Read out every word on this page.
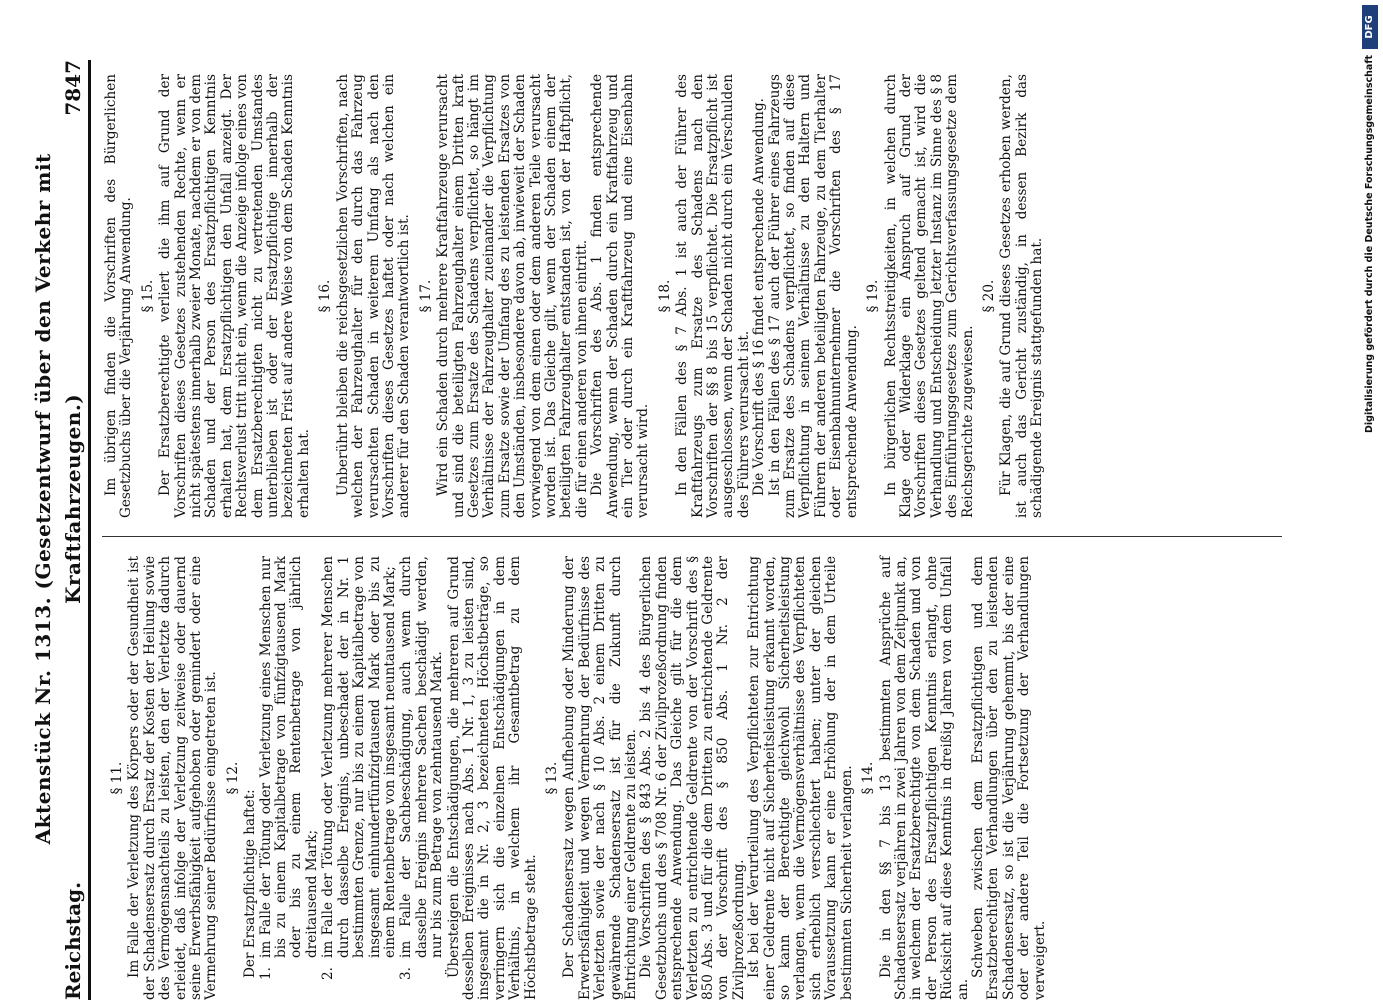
Reichstag.
Aktenstück Nr. 1313. (Gesetzentwurf über den Verkehr mit Kraftfahrzeugen.)
7847
§ 11. Im Falle der Verletzung des Körpers oder der Gesundheit ist der Schadensersatz durch Ersatz der Kosten der Heilung sowie des Vermögensnachteils zu leisten, den der Verletzte dadurch erleidet, daß infolge der Verletzung zeitweise oder dauernd seine Erwerbsfähigkeit aufgehoben oder gemindert oder eine Vermehrung seiner Bedürfnisse eingetreten ist. § 12.

Der Ersatzpflichtige haftet: 1.
im Falle der Tötung oder Verletzung eines Menschen nur bis zu einem Kapitalbetrage von fünfzigtausend Mark oder bis zu einem Rentenbetrage von jährlich dreitausend Mark;
2.
im Falle der Tötung oder Verletzung mehrerer Menschen durch dasselbe Ereignis, unbeschadet der in Nr. 1 bestimmten Grenze, nur bis zu einem Kapitalbetrage von insgesamt einhundertfünfzigtausend Mark oder bis zu einem Rentenbetrage von insgesamt neuntausend Mark;
3.
im Falle der Sachbeschädigung, auch wenn durch dasselbe Ereignis mehrere Sachen beschädigt werden, nur bis zum Betrage von zehntausend Mark. Übersteigen die Entschädigungen, die mehreren auf Grund desselben Ereignisses nach Abs. 1 Nr. 1, 3 zu leisten sind, insgesamt die in Nr. 2, 3 bezeichneten Höchstbeträge, so verringern sich die einzelnen Entschädigungen in dem Verhältnis, in welchem ihr Gesamtbetrag zu dem Höchstbetrage steht.

§ 13. Der Schadensersatz wegen Aufhebung oder Minderung der Erwerbsfähigkeit und wegen Vermehrung der Bedürfnisse des Verletzten sowie der nach § 10 Abs. 2 einem Dritten zu gewährende Schadensersatz ist für die Zukunft durch Entrichtung einer Geldrente zu leisten. Die Vorschriften des § 843 Abs. 2 bis 4 des Bürgerlichen Gesetzbuchs und des § 708 Nr. 6 der Zivilprozeßordnung finden entsprechende Anwendung. Das Gleiche gilt für die dem Verletzten zu entrichtende Geldrente von der Vorschrift des § 850 Abs. 3 und für die dem Dritten zu entrichtende Geldrente von der Vorschrift des § 850 Abs. 1 Nr. 2 der Zivilprozeßordnung. Ist bei der Verurteilung des Verpflichteten zur Entrichtung einer Geldrente nicht auf Sicherheitsleistung erkannt worden, so kann der Berechtigte gleichwohl Sicherheitsleistung verlangen, wenn die Vermögensverhältnisse des Verpflichteten sich erheblich verschlechtert haben; unter der gleichen Voraussetzung kann er eine Erhöhung der in dem Urteile bestimmten Sicherheit verlangen. § 14. Die in den §§ 7 bis 13 bestimmten Ansprüche auf Schadensersatz verjähren in zwei Jahren von dem Zeitpunkt an, in welchem der Ersatzberechtigte von dem Schaden und von der Person des Ersatzpflichtigen Kenntnis erlangt, ohne Rücksicht auf diese Kenntnis in dreißig Jahren von dem Unfall an.

Schweben zwischen dem Ersatzpflichtigen und dem Ersatzberechtigten Verhandlungen über den zu leistenden Schadensersatz, so ist die Verjährung gehemmt, bis der eine oder der andere Teil die Fortsetzung der Verhandlungen verweigert.

Im übrigen finden die Vorschriften des Bürgerlichen Gesetzbuchs über die Verjährung Anwendung. § 15. Der Ersatzberechtigte verliert die ihm auf Grund der Vorschriften dieses Gesetzes zustehenden Rechte, wenn er nicht spätestens innerhalb zweier Monate, nachdem er von dem Schaden und der Person des Ersatzpflichtigen Kenntnis erhalten hat, dem Ersatzpflichtigen den Unfall anzeigt. Der Rechtsverlust tritt nicht ein, wenn die Anzeige infolge eines von dem Ersatzberechtigten nicht zu vertretenden Umstandes unterblieben ist oder der Ersatzpflichtige innerhalb der bezeichneten Frist auf andere Weise von dem Schaden Kenntnis erhalten hat.

§ 16. Unberührt bleiben die reichsgesetzlichen Vorschriften, nach welchen der Fahrzeughalter für den durch das Fahrzeug verursachten Schaden in weiterem Umfang als nach den Vorschriften dieses Gesetzes haftet oder nach welchen ein anderer für den Schaden verantwortlich ist. § 17. Wird ein Schaden durch mehrere Kraftfahrzeuge verursacht und sind die beteiligten Fahrzeughalter einem Dritten kraft Gesetzes zum Ersatze des Schadens verpflichtet, so hängt im Verhältnisse der Fahrzeughalter zueinander die Verpflichtung zum Ersatze sowie der Umfang des zu leistenden Ersatzes von den Umständen, insbesondere davon ab, inwieweit der Schaden vorwiegend von dem einen oder dem anderen Teile verursacht worden ist. Das Gleiche gilt, wenn der Schaden einem der beteiligten Fahrzeughalter entstanden ist, von der Haftpflicht, die für einen anderen von ihnen eintritt. Die Vorschriften des Abs. 1 finden entsprechende Anwendung, wenn der Schaden durch ein Kraftfahrzeug und ein Tier oder durch ein Kraftfahrzeug und eine Eisenbahn verursacht wird.

§ 18. In den Fällen des § 7 Abs. 1 ist auch der Führer des Kraftfahrzeugs zum Ersatze des Schadens nach den Vorschriften der §§ 8 bis 15 verpflichtet. Die Ersatzpflicht ist ausgeschlossen, wenn der Schaden nicht durch ein Verschulden des Führers verursacht ist. Die Vorschrift des § 16 findet entsprechende Anwendung. Ist in den Fällen des § 17 auch der Führer eines Fahrzeugs zum Ersatze des Schadens verpflichtet, so finden auf diese Verpflichtung in seinem Verhältnisse zu den Haltern und Führern der anderen beteiligten Fahrzeuge, zu dem Tierhalter oder Eisenbahnunternehmer die Vorschriften des § 17 entsprechende Anwendung.

§ 19. In bürgerlichen Rechtsstreitigkeiten, in welchen durch Klage oder Widerklage ein Anspruch auf Grund der Vorschriften dieses Gesetzes geltend gemacht ist, wird die Verhandlung und Entscheidung letzter Instanz im Sinne des § 8 des Einführungsgesetzes zum Gerichtsverfassungsgesetze dem Reichsgerichte zugewiesen.

§ 20. Für Klagen, die auf Grund dieses Gesetzes erhoben werden, ist auch das Gericht zuständig, in dessen Bezirk das schädigende Ereignis stattgefunden hat.	Digitalisierung gefördert durch die Deutsche Forschungsgemeinschaft
DFG
